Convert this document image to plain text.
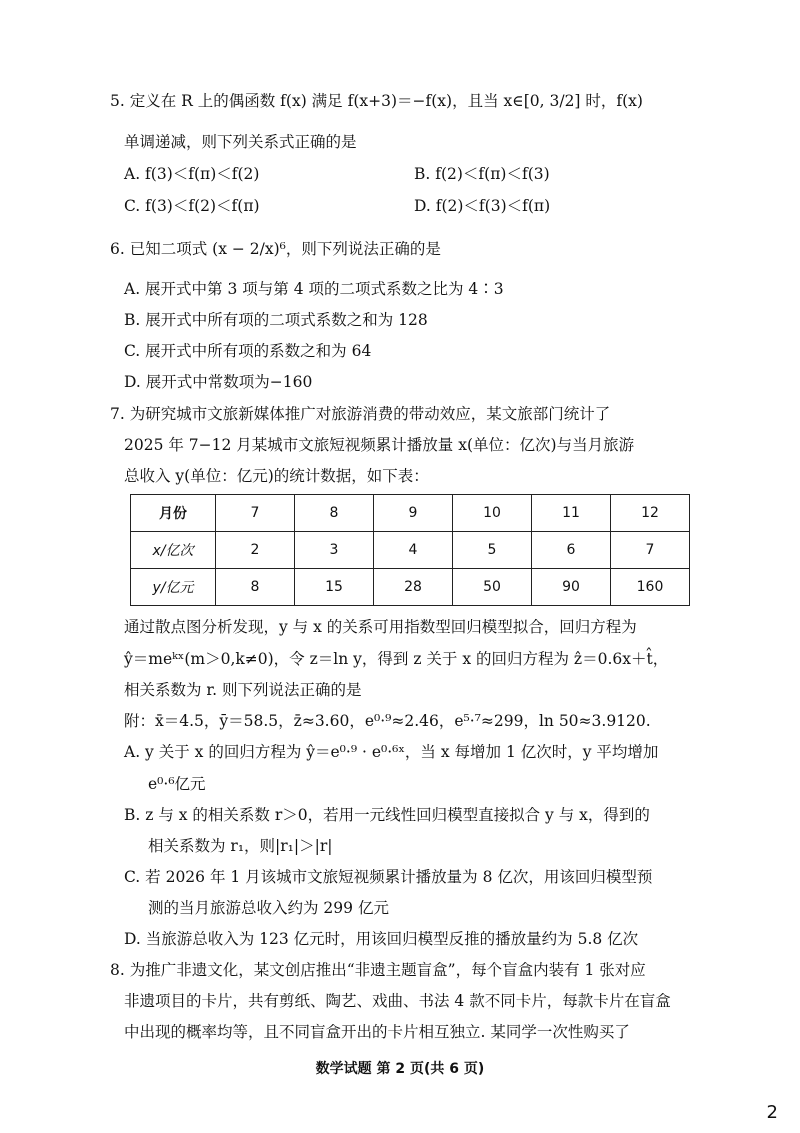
5. 定义在 R 上的偶函数 f(x) 满足 f(x+3)＝−f(x)，且当 x∈[0, 3/2] 时，f(x)
单调递减，则下列关系式正确的是
A. f(3)＜f(π)＜f(2)	B. f(2)＜f(π)＜f(3)
C. f(3)＜f(2)＜f(π)	D. f(2)＜f(3)＜f(π)
6. 已知二项式 (x − 2/x)⁶，则下列说法正确的是
A. 展开式中第 3 项与第 4 项的二项式系数之比为 4∶3
B. 展开式中所有项的二项式系数之和为 128
C. 展开式中所有项的系数之和为 64
D. 展开式中常数项为−160
7. 为研究城市文旅新媒体推广对旅游消费的带动效应，某文旅部门统计了
2025 年 7−12 月某城市文旅短视频累计播放量 x(单位：亿次)与当月旅游
总收入 y(单位：亿元)的统计数据，如下表：
月份	7	8	9	10	11	12
x/亿次	2	3	4	5	6	7
y/亿元	8	15	28	50	90	160
通过散点图分析发现，y 与 x 的关系可用指数型回归模型拟合，回归方程为
ŷ＝meᵏˣ(m＞0,k≠0)，令 z＝ln y，得到 z 关于 x 的回归方程为 ẑ＝0.6x＋t̂，
相关系数为 r. 则下列说法正确的是
附：x̄＝4.5，ȳ＝58.5，z̄≈3.60，e⁰·⁹≈2.46，e⁵·⁷≈299，ln 50≈3.9120.
A. y 关于 x 的回归方程为 ŷ＝e⁰·⁹ · e⁰·⁶ˣ，当 x 每增加 1 亿次时，y 平均增加
e⁰·⁶亿元
B. z 与 x 的相关系数 r＞0，若用一元线性回归模型直接拟合 y 与 x，得到的
相关系数为 r₁，则|r₁|＞|r|
C. 若 2026 年 1 月该城市文旅短视频累计播放量为 8 亿次，用该回归模型预
测的当月旅游总收入约为 299 亿元
D. 当旅游总收入为 123 亿元时，用该回归模型反推的播放量约为 5.8 亿次
8. 为推广非遗文化，某文创店推出“非遗主题盲盒”，每个盲盒内装有 1 张对应
非遗项目的卡片，共有剪纸、陶艺、戏曲、书法 4 款不同卡片，每款卡片在盲盒
中出现的概率均等，且不同盲盒开出的卡片相互独立. 某同学一次性购买了
数学试题 第 2 页(共 6 页)
2
